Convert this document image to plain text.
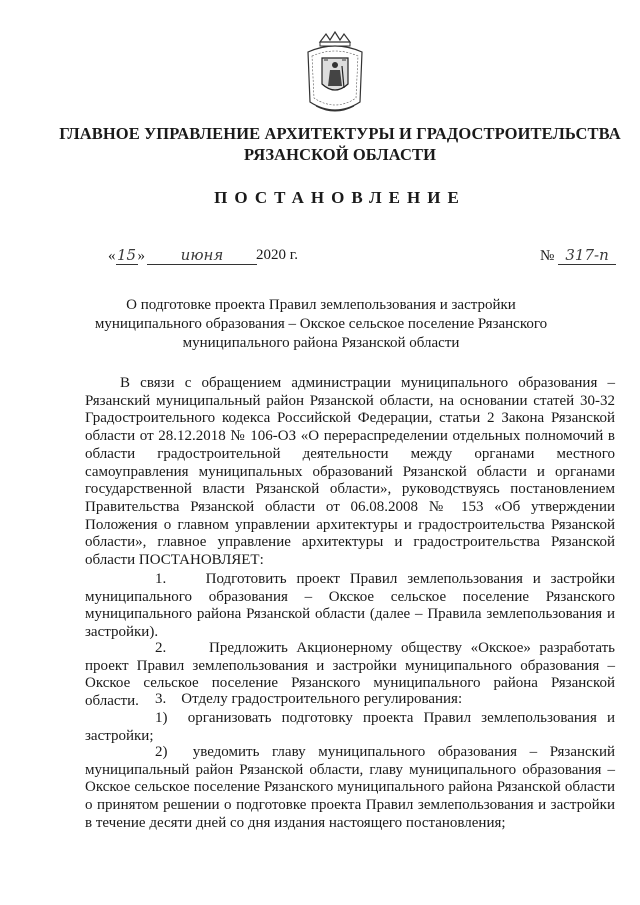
ГЛАВНОЕ УПРАВЛЕНИЕ АРХИТЕКТУРЫ И ГРАДОСТРОИТЕЛЬСТВА
РЯЗАНСКОЙ ОБЛАСТИ
ПОСТАНОВЛЕНИЕ
«15» июня	2020 г.	№ 317-п
О подготовке проекта Правил землепользования и застройки муниципального образования – Окское сельское поселение Рязанского муниципального района Рязанской области

В связи с обращением администрации муниципального образования – Рязанский муниципальный район Рязанской области, на основании статей 30-32 Градостроительного кодекса Российской Федерации, статьи 2 Закона Рязанской области от 28.12.2018 № 106-ОЗ «О перераспределении отдельных полномочий в области градостроительной деятельности между органами местного самоуправления муниципальных образований Рязанской области и органами государственной власти Рязанской области», руководствуясь постановлением Правительства Рязанской области от 06.08.2008 № 153 «Об утверждении Положения о главном управлении архитектуры и градостроительства Рязанской области», главное управление архитектуры и градостроительства Рязанской области ПОСТАНОВЛЯЕТ:

1.	Подготовить проект Правил землепользования и застройки муниципального образования – Окское сельское поселение Рязанского муниципального района Рязанской области (далее – Правила землепользования и застройки).

2.	Предложить Акционерному обществу «Окское» разработать проект Правил землепользования и застройки муниципального образования – Окское сельское поселение Рязанского муниципального района Рязанской области.	3. Отделу градостроительного регулирования:

1) организовать подготовку проекта Правил землепользования и застройки;

2) уведомить главу муниципального образования – Рязанский муниципальный район Рязанской области, главу муниципального образования – Окское сельское поселение Рязанского муниципального района Рязанской области о принятом решении о подготовке проекта Правил землепользования и застройки в течение десяти дней со дня издания настоящего постановления;
